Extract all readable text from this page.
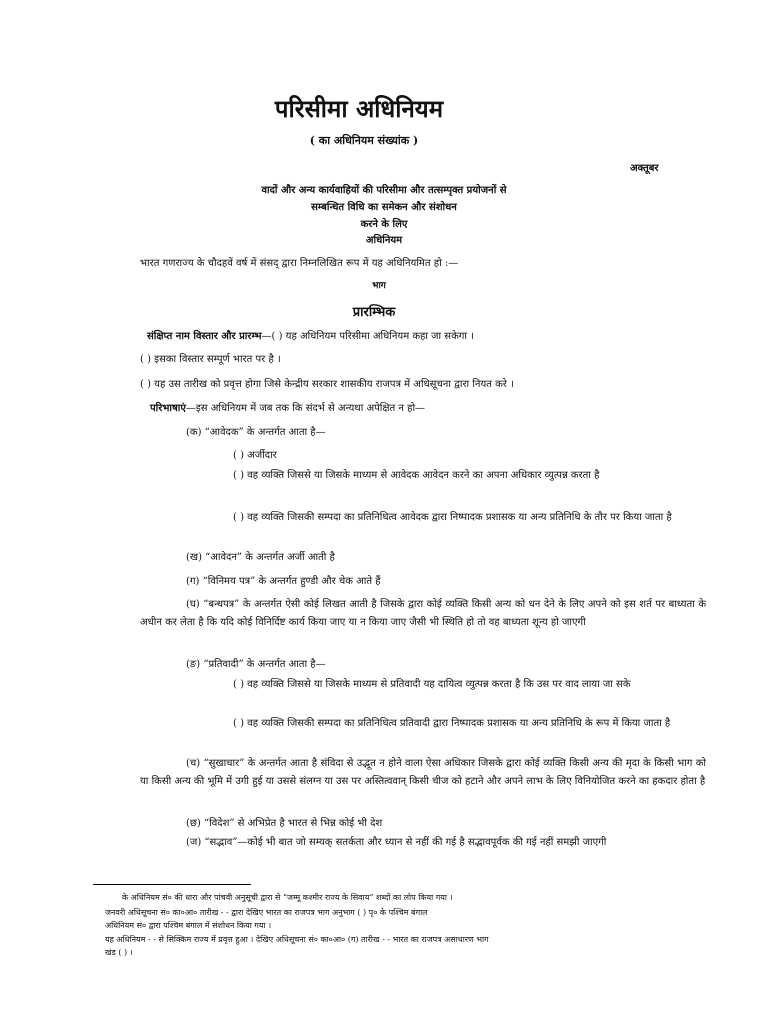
परिसीमा अधिनियम
( का अधिनियम संख्यांक )
अक्तूबर
वादों और अन्य कार्यवाहियों की परिसीमा और तत्सम्पृक्त प्रयोजनों से
सम्बन्धित विधि का समेकन और संशोधन
करने के लिए
अधिनियम
भारत गणराज्य के चौदहवें वर्ष में संसद् द्वारा निम्नलिखित रूप में यह अधिनियमित हो :—
भाग
प्रारम्भिक
संक्षिप्त नाम विस्तार और प्रारम्भ—( ) यह अधिनियम परिसीमा अधिनियम कहा जा सकेगा ।
( ) इसका विस्तार सम्पूर्ण भारत पर है ।
( ) यह उस तारीख को प्रवृत्त होगा जिसे केन्द्रीय सरकार शासकीय राजपत्र में अधिसूचना द्वारा नियत करे ।
परिभाषाएं—इस अधिनियम में जब तक कि संदर्भ से अन्यथा अपेक्षित न हो—
(क) “आवेदक” के अन्तर्गत आता है—
( ) अर्जीदार

( ) वह व्यक्ति जिससे या जिसके माध्यम से आवेदक आवेदन करने का अपना अधिकार व्युत्पन्न करता है

( ) वह व्यक्ति जिसकी सम्पदा का प्रतिनिधित्व आवेदक द्वारा निष्पादक प्रशासक या अन्य प्रतिनिधि के तौर पर किया जाता है

(ख) “आवेदन” के अन्तर्गत अर्जी आती है
(ग) “विनिमय पत्र” के अन्तर्गत हुण्डी और चेक आते हैं

(घ) “बन्धपत्र” के अन्तर्गत ऐसी कोई लिखत आती है जिसके द्वारा कोई व्यक्ति किसी अन्य को धन देने के लिए अपने को इस शर्त पर बाध्यता के अधीन कर लेता है कि यदि कोई विनिर्दिष्ट कार्य किया जाए या न किया जाए जैसी भी स्थिति हो तो वह बाध्यता शून्य हो जाएगी

(ङ) “प्रतिवादी” के अन्तर्गत आता है—

( ) वह व्यक्ति जिससे या जिसके माध्यम से प्रतिवादी यह दायित्व व्युत्पन्न करता है कि उस पर वाद लाया जा सके

( ) वह व्यक्ति जिसकी सम्पदा का प्रतिनिधित्व प्रतिवादी द्वारा निष्पादक प्रशासक या अन्य प्रतिनिधि के रूप में किया जाता है

(च) “सुखाचार” के अन्तर्गत आता है संविदा से उद्भूत न होने वाला ऐसा अधिकार जिसके द्वारा कोई व्यक्ति किसी अन्य की मृदा के किसी भाग को या किसी अन्य की भूमि में उगी हुई या उससे संलग्न या उस पर अस्तित्ववान् किसी चीज को हटाने और अपने लाभ के लिए विनियोजित करने का हकदार होता है

(छ) “विदेश” से अभिप्रेत है भारत से भिन्न कोई भी देश

(ज) “सद्भाव”—कोई भी बात जो सम्यक् सतर्कता और ध्यान से नहीं की गई है सद्भावपूर्वक की गई नहीं समझी जाएगी

के अधिनियम सं० की धारा और पांचवी अनुसूची द्वारा से “जम्मू कश्मीर राज्य के सिवाय” शब्दों का लोप किया गया ।
जनवरी अधिसूचना सं० का०आ० तारीख - - द्वारा देखिए भारत का राजपत्र भाग अनुभाग ( ) पृ० के पश्चिम बंगाल
अधिनियम सं० द्वारा पश्चिम बंगाल में संशोधन किया गया ।
यह अधिनियम - - से सिक्किम राज्य में प्रवृत्त हुआ । देखिए अधिसूचना सं० का०आ० (ग) तारीख - - भारत का राजपत्र असाधारण भाग
खंड ( ) ।
